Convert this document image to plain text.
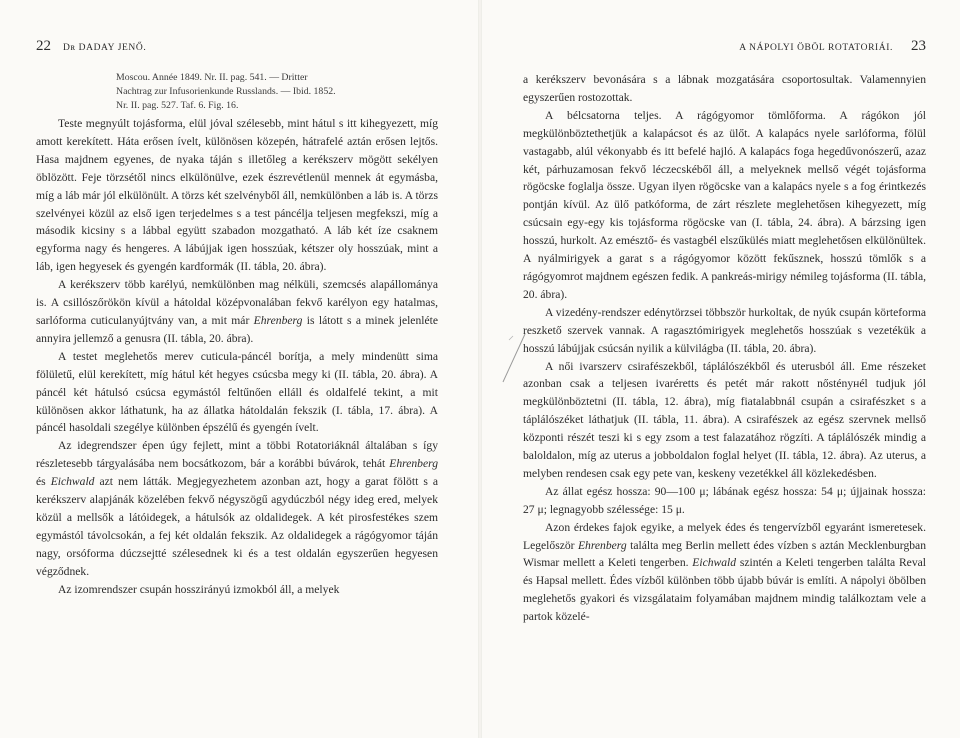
22 Dʀ DADAY JENŐ.

Moscou. Année 1849. Nr. II. pag. 541. — Dritter

Nachtrag zur Infusorienkunde Russlands. — Ibid. 1852.

Nr. II. pag. 527. Taf. 6. Fig. 16.

Teste megnyúlt tojásforma, elül jóval szélesebb, mint hátul s itt kihegyezett, míg amott kerekített. Háta erősen ívelt, különösen közepén, hátrafelé aztán erősen lejtős. Hasa majdnem egyenes, de nyaka táján s illetőleg a kerékszerv mögött sekélyen öblözött. Feje törzsétől nincs elkülönülve, ezek észrevétlenül mennek át egymásba, míg a láb már jól elkülönült. A törzs két szelvényből áll, nemkülönben a láb is. A törzs szelvényei közül az első igen terjedelmes s a test páncélja teljesen megfekszi, míg a második kicsiny s a lábbal együtt szabadon mozgatható. A láb két íze csaknem egyforma nagy és hengeres. A lábújjak igen hosszúak, kétszer oly hosszúak, mint a láb, igen hegyesek és gyengén kardformák (II. tábla, 20. ábra).

A kerékszerv több karélyú, nemkülönben mag nélküli, szemcsés alapállományа is. A csillószőrökön kívül a hátoldal középvonalában fekvő karélyon egy hatalmas, sarlóforma cuticulanyújtvány van, a mit már Ehrenberg is látott s a minek jelenléte annyira jellemző a genusra (II. tábla, 20. ábra).

A testet meglehetős merev cuticula-páncél borítja, a mely mindenütt sima fölületű, elül kerekített, míg hátul két hegyes csúcsba megy ki (II. tábla, 20. ábra). A páncél két hátulsó csúcsa egymástól feltűnően elláll és oldalfelé tekint, a mit különösen akkor láthatunk, ha az állatka hátoldalán fekszik (I. tábla, 17. ábra). A páncél hasoldali szegélye különben épszélű és gyengén ívelt.

Az idegrendszer épen úgy fejlett, mint a többi Rotatoriáknál általában s így részletesebb tárgyalásába nem bocsátkozom, bár a korábbi búvárok, tehát Ehrenberg és Eichwald azt nem látták. Megjegyezhetem azonban azt, hogy a garat fölött s a kerékszerv alapjánák közelében fekvő négyszögű agydúczból négy ideg ered, melyek közül a mellsők a látóidegek, a hátulsók az oldalidegek. A két pirosfestékes szem egymástól távolcsokán, a fej két oldalán fekszik. Az oldalidegek a rágógyomor táján nagy, orsóforma dúczsejtté szélesednek ki és a test oldalán egyszerűen hegyesen végződnek.

Az izomrendszer csupán hosszirányú izmokból áll, a melyek

A NÁPOLYI ÖBÖL ROTATORIÁI. 23

a kerékszerv bevonására s a lábnak mozgatására csoportosultak. Valamennyien egyszerűen rostozottak.

A bélcsatorna teljes. A rágógyomor tömlőforma. A rágókon jól megkülönböztethetjük a kalapácsot és az ülőt. A kalapács nyele sarlóforma, fölül vastagabb, alúl vékonyabb és itt befelé hajló. A kalapács foga hegedűvonószerű, azaz két, párhuzamosan fekvő léczecskéből áll, a melyeknek mellső végét tojásforma rögöcske foglalja össze. Ugyan ilyen rögöcske van a kalapács nyele s a fog érintkezés pontján kívül. Az ülő patkóforma, de zárt részlete meglehetősen kihegyezett, míg csúcsain egy-egy kis tojásforma rögöcske van (I. tábla, 24. ábra). A bárzsing igen hosszú, hurkolt. Az emésztő- és vastagbél elszűkülés miatt meglehetősen elkülönültek. A nyálmirigyek a garat s a rágógyomor között fekűsznek, hosszú tömlők s a rágógyomrot majdnem egészen fedik. A pankreás-mirigy némileg tojásforma (II. tábla, 20. ábra).

A vizedény-rendszer edénytörzsei többször hurkoltak, de nyúk csupán körteforma reszkető szervek vannak. A ragasztómirigyek meglehetős hosszúak s vezetékük a hosszú lábújjak csúcsán nyilik a külvilágba (II. tábla, 20. ábra).

A női ivarszerv csirafészekből, táplálószékből és uterusból áll. Eme részeket azonban csak a teljesen ivaréretts és petét már rakott nőstényнél tudjuk jól megkülönböztetni (II. tábla, 12. ábra), míg fiatalabbnál csupán a csirafészket s a táplálószéket láthatjuk (II. tábla, 11. ábra). A csirafészek az egész szervnek mellső központi részét teszi ki s egy zsom a test falazatához rögzíti. A táplálószék mindig a baloldalon, míg az uterus a jobboldalon foglal helyet (II. tábla, 12. ábra). Az uterus, a melyben rendesen csak egy pete van, keskeny vezetékkel áll közlekedésben.

Az állat egész hossza: 90—100 μ; lábának egész hossza: 54 μ; újjainak hossza: 27 μ; legnagyobb szélessége: 15 μ.

Azon érdekes fajok egyike, a melyek édes és tengervízből egyaránt ismeretesek. Legelőször Ehrenberg találta meg Berlin mellett édes vízben s aztán Mecklenburgban Wismar mellett a Keleti tengerben. Eichwald szintén a Keleti tengerben találta Reval és Hapsal mellett. Édes vízből különben több újabb búvár is említi. A nápolyi öbölben meglehetős gyakori és vizsgálataim folyamában majdnem mindig találkoztam vele a partok közelé-
